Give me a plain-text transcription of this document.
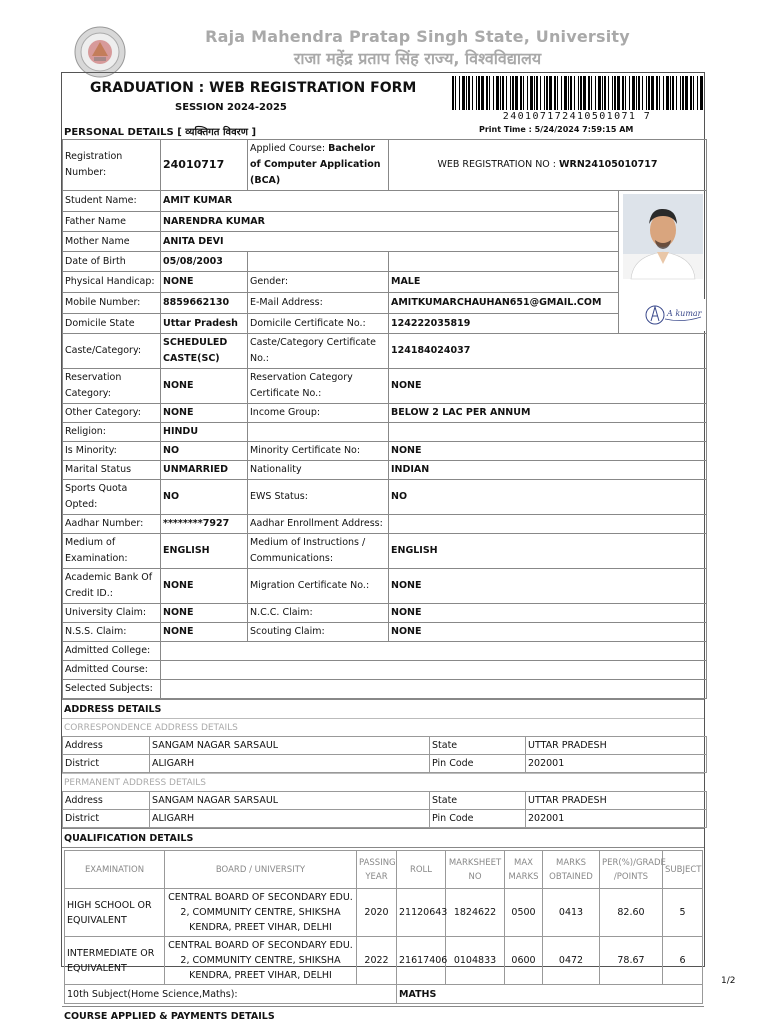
Raja Mahendra Pratap Singh State, University
राजा महेंद्र प्रताप सिंह राज्य, विश्वविद्यालय
GRADUATION : WEB REGISTRATION FORM
SESSION 2024-2025
PERSONAL DETAILS [ व्यक्तिगत विवरण ]
240107172410501071 7
Print Time : 5/24/2024 7:59:15 AM
Registration Number:	24010717	Applied Course: Bachelor of Computer Application (BCA)	WEB REGISTRATION NO : WRN24105010717	
Student Name:	AMIT KUMAR			A kumar

Father Name	NARENDRA KUMAR			
Mother Name	ANITA DEVI			
Date of Birth	05/08/2003			
Physical Handicap:	NONE	Gender:	MALE	
Mobile Number:	8859662130	E-Mail Address:	AMITKUMARCHAUHAN651@GMAIL.COM	
Domicile State	Uttar Pradesh	Domicile Certificate No.:	124222035819	
Caste/Category:	SCHEDULED CASTE(SC)	Caste/Category Certificate No.:	124184024037	
Reservation Category:	NONE	Reservation Category Certificate No.:	NONE	
Other Category:	NONE	Income Group:	BELOW 2 LAC PER ANNUM	
Religion:	HINDU			
Is Minority:	NO	Minority Certificate No:	NONE	
Marital Status	UNMARRIED	Nationality	INDIAN	
Sports Quota Opted:	NO	EWS Status:	NO	
Aadhar Number:	********7927	Aadhar Enrollment Address:		
Medium of Examination:	ENGLISH	Medium of Instructions / Communications:	ENGLISH	
Academic Bank Of Credit ID.:	NONE	Migration Certificate No.:	NONE	
University Claim:	NONE	N.C.C. Claim:	NONE	
N.S.S. Claim:	NONE	Scouting Claim:	NONE	
Admitted College:				
Admitted Course:				
Selected Subjects:				
ADDRESS DETAILS
CORRESPONDENCE ADDRESS DETAILS
Address	SANGAM NAGAR SARSAUL	State	UTTAR PRADESH
District	ALIGARH	Pin Code	202001
PERMANENT ADDRESS DETAILS
Address	SANGAM NAGAR SARSAUL	State	UTTAR PRADESH
District	ALIGARH	Pin Code	202001
QUALIFICATION DETAILS
EXAMINATION	BOARD / UNIVERSITY	PASSING YEAR	ROLL	MARKSHEET NO	MAX MARKS	MARKS OBTAINED	PER(%)/GRADE /POINTS	SUBJECT
HIGH SCHOOL OR EQUIVALENT	CENTRAL BOARD OF SECONDARY EDU. 2, COMMUNITY CENTRE, SHIKSHA KENDRA, PREET VIHAR, DELHI	2020	21120643	1824622	0500	0413	82.60	5
INTERMEDIATE OR EQUIVALENT	CENTRAL BOARD OF SECONDARY EDU. 2, COMMUNITY CENTRE, SHIKSHA KENDRA, PREET VIHAR, DELHI	2022	21617406	0104833	0600	0472	78.67	6
10th Subject(Home Science,Maths):			MATHS					
COURSE APPLIED & PAYMENTS DETAILS
1/2
